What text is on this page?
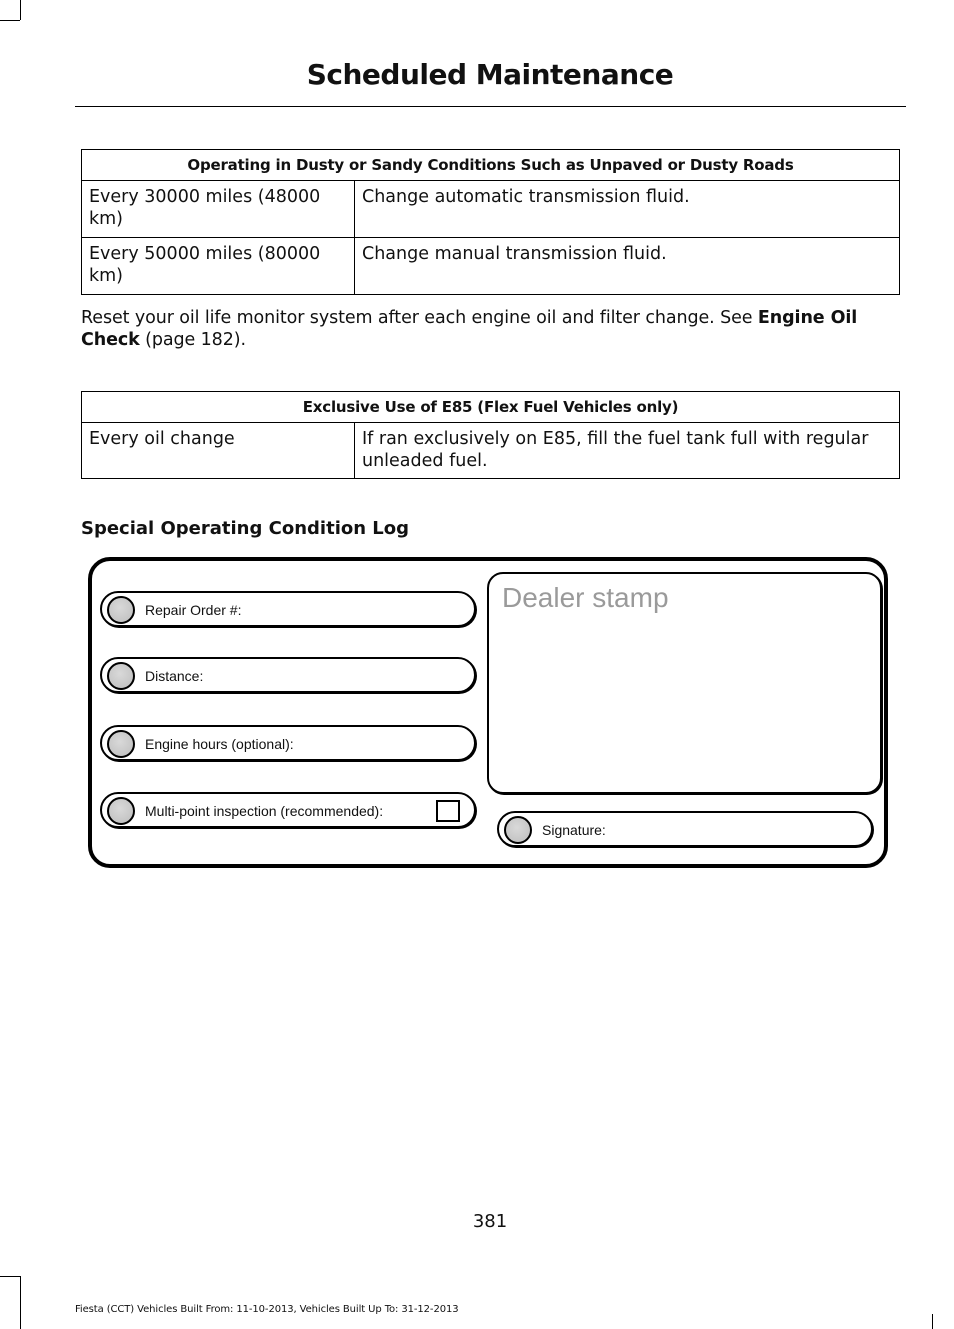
Scheduled Maintenance
Operating in Dusty or Sandy Conditions Such as Unpaved or Dusty Roads	
Every 30000 miles (48000 km)	Change automatic transmission fluid.
Every 50000 miles (80000 km)	Change manual transmission fluid.
Reset your oil life monitor system after each engine oil and filter change. See Engine Oil Check (page 182).
Exclusive Use of E85 (Flex Fuel Vehicles only)
Every oil change	If ran exclusively on E85, fill the fuel tank full with regular unleaded fuel.
Special Operating Condition Log
Repair Order #:
Distance:
Engine hours (optional):
Multi-point inspection (recommended):
Dealer stamp
Signature:
381
Fiesta (CCT) Vehicles Built From: 11-10-2013, Vehicles Built Up To: 31-12-2013
